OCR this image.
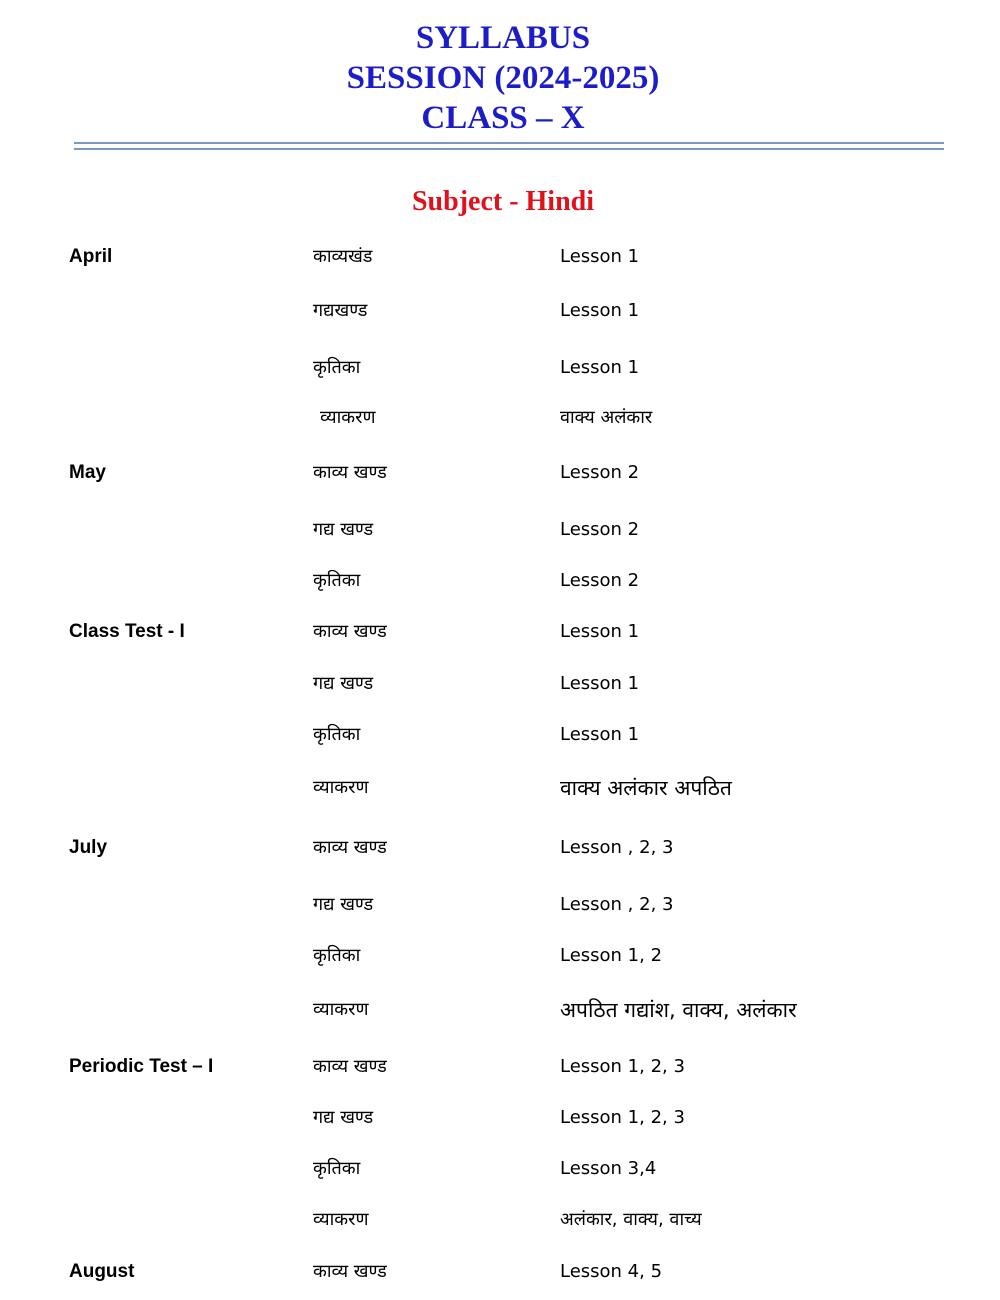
SYLLABUS
SESSION (2024-2025)
CLASS – X
Subject - Hindi
April	काव्यखंड	Lesson 1
गद्यखण्ड	Lesson 1
कृतिका	Lesson 1
व्याकरण	वाक्य अलंकार
May	काव्य खण्ड	Lesson 2
गद्य खण्ड	Lesson 2
कृतिका	Lesson 2
Class Test - I	काव्य खण्ड	Lesson 1
गद्य खण्ड	Lesson 1
कृतिका	Lesson 1
व्याकरण	वाक्य अलंकार अपठित
July	काव्य खण्ड	Lesson , 2, 3
गद्य खण्ड	Lesson , 2, 3
कृतिका	Lesson 1, 2
व्याकरण	अपठित गद्यांश, वाक्य, अलंकार
Periodic Test – I	काव्य खण्ड	Lesson 1, 2, 3
गद्य खण्ड	Lesson 1, 2, 3
कृतिका	Lesson 3,4
व्याकरण	अलंकार, वाक्य, वाच्य
August	काव्य खण्ड	Lesson 4, 5
